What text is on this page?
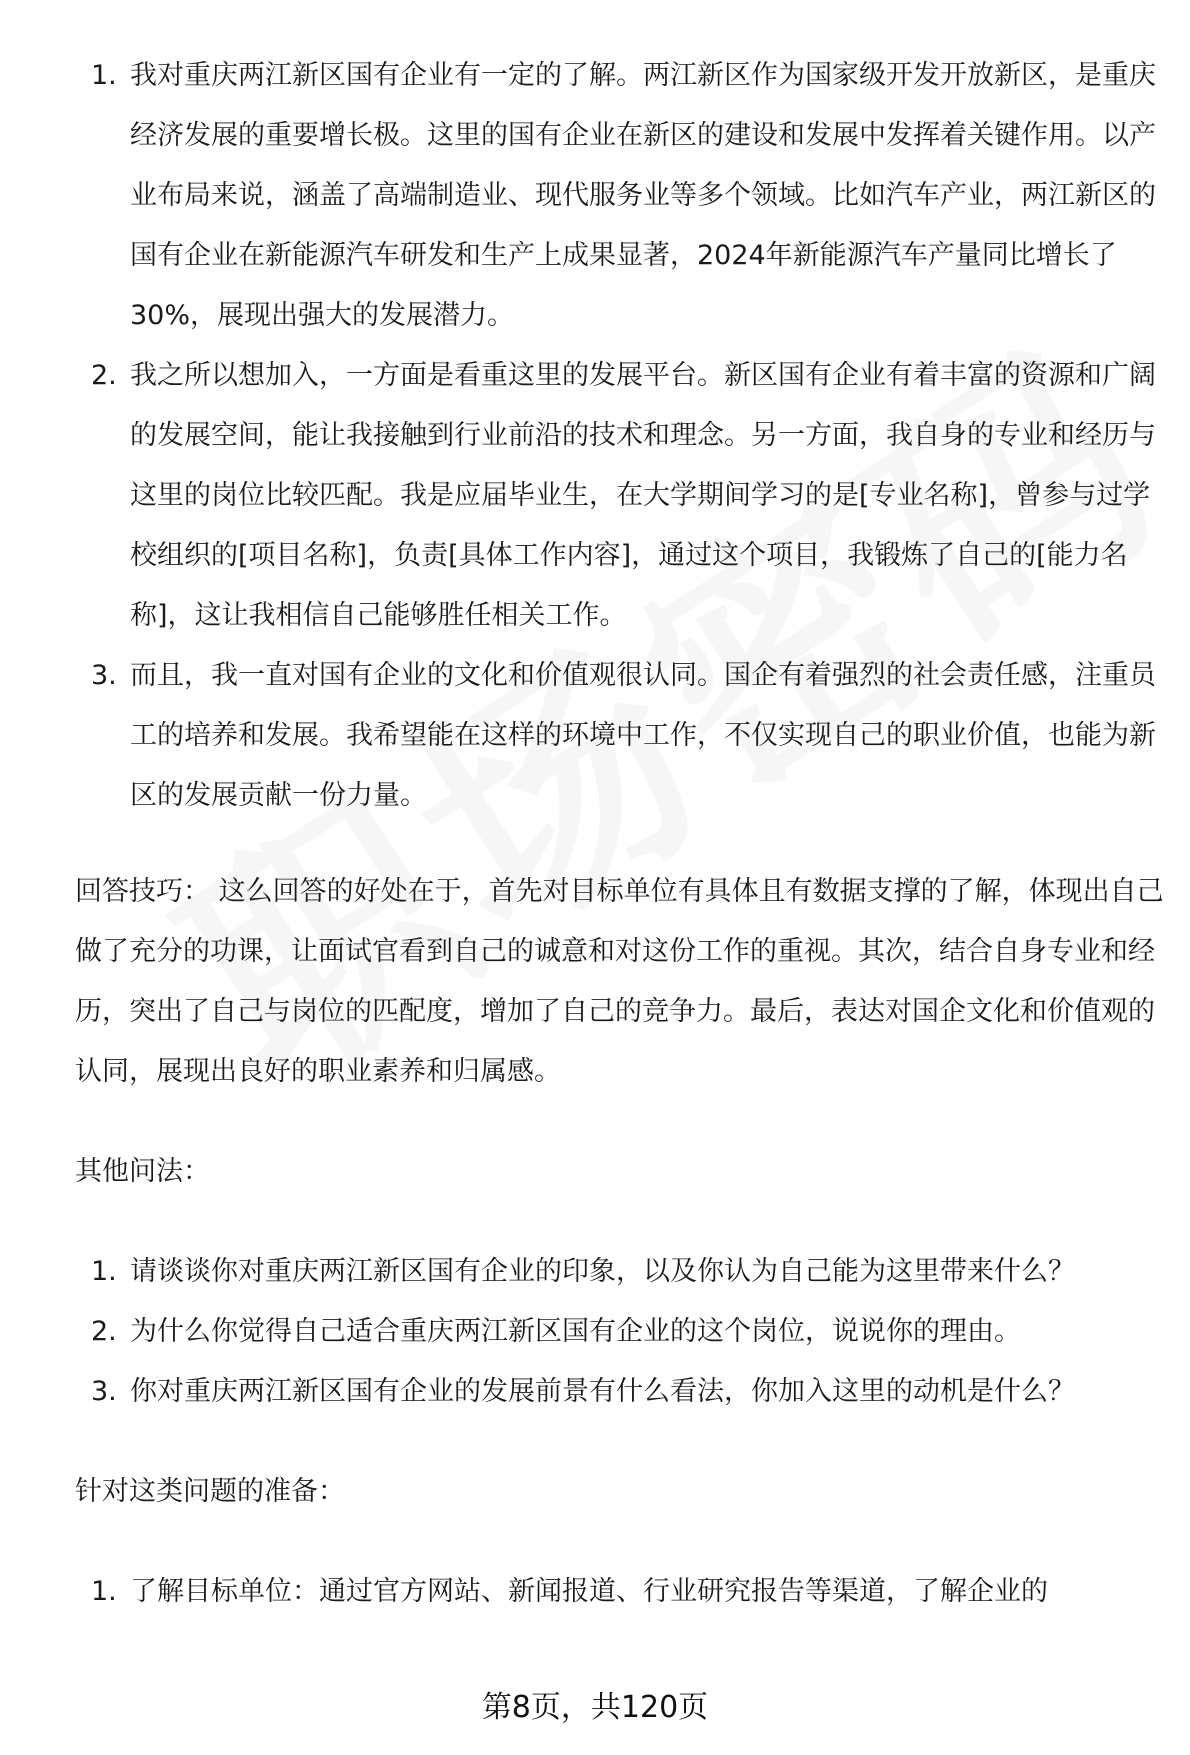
1. 我对重庆两江新区国有企业有一定的了解。两江新区作为国家级开发开放新区，是重庆经济发展的重要增长极。这里的国有企业在新区的建设和发展中发挥着关键作用。以产业布局来说，涵盖了高端制造业、现代服务业等多个领域。比如汽车产业，两江新区的国有企业在新能源汽车研发和生产上成果显著，2024年新能源汽车产量同比增长了30%，展现出强大的发展潜力。
2. 我之所以想加入，一方面是看重这里的发展平台。新区国有企业有着丰富的资源和广阔的发展空间，能让我接触到行业前沿的技术和理念。另一方面，我自身的专业和经历与这里的岗位比较匹配。我是应届毕业生，在大学期间学习的是[专业名称]，曾参与过学校组织的[项目名称]，负责[具体工作内容]，通过这个项目，我锻炼了自己的[能力名称]，这让我相信自己能够胜任相关工作。
3. 而且，我一直对国有企业的文化和价值观很认同。国企有着强烈的社会责任感，注重员工的培养和发展。我希望能在这样的环境中工作，不仅实现自己的职业价值，也能为新区的发展贡献一份力量。

回答技巧： 这么回答的好处在于，首先对目标单位有具体且有数据支撑的了解，体现出自己做了充分的功课，让面试官看到自己的诚意和对这份工作的重视。其次，结合自身专业和经历，突出了自己与岗位的匹配度，增加了自己的竞争力。最后，表达对国企文化和价值观的认同，展现出良好的职业素养和归属感。

其他问法：

1. 请谈谈你对重庆两江新区国有企业的印象，以及你认为自己能为这里带来什么？
2. 为什么你觉得自己适合重庆两江新区国有企业的这个岗位，说说你的理由。
3. 你对重庆两江新区国有企业的发展前景有什么看法，你加入这里的动机是什么？

针对这类问题的准备：

1. 了解目标单位：通过官方网站、新闻报道、行业研究报告等渠道，了解企业的
第8页，共120页
